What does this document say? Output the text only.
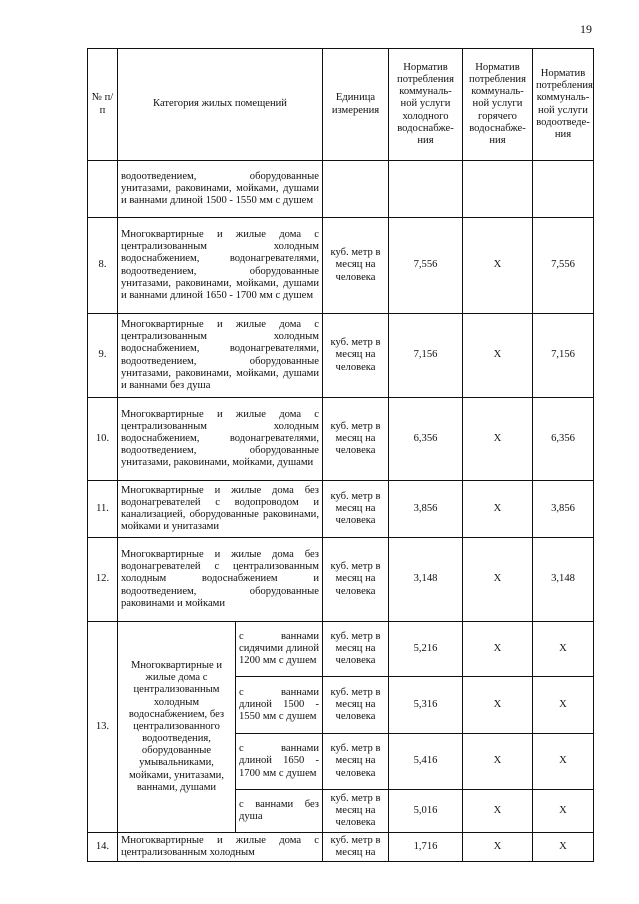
19
№ п/п	Категория жилых помещений		Единица измерения	Норматив потребления коммуналь-ной услуги холодного водоснабже-ния	Норматив потребления коммуналь-ной услуги горячего водоснабже-ния	Норматив потребления коммуналь-ной услуги водоотведе-ния
	водоотведением, оборудованные унитазами, раковинами, мойками, душами и ваннами длиной 1500 - 1550 мм с душем					
8.	Многоквартирные и жилые дома с централизованным холодным водоснабжением, водонагревателями, водоотведением, оборудованные унитазами, раковинами, мойками, душами и ваннами длиной 1650 - 1700 мм с душем		куб. метр в месяц на человека	7,556	X	7,556
9.	Многоквартирные и жилые дома с централизованным холодным водоснабжением, водонагревателями, водоотведением, оборудованные унитазами, раковинами, мойками, душами и ваннами без душа		куб. метр в месяц на человека	7,156	X	7,156
10.	Многоквартирные и жилые дома с централизованным холодным водоснабжением, водонагревателями, водоотведением, оборудованные унитазами, раковинами, мойками, душами		куб. метр в месяц на человека	6,356	X	6,356
11.	Многоквартирные и жилые дома без водонагревателей с водопроводом и канализацией, оборудованные раковинами, мойками и унитазами		куб. метр в месяц на человека	3,856	X	3,856
12.	Многоквартирные и жилые дома без водонагревателей с централизованным холодным водоснабжением и водоотведением, оборудованные раковинами и мойками		куб. метр в месяц на человека	3,148	X	3,148
13.	Многоквартирные и жилые дома с централизованным холодным водоснабжением, без централизованного водоотведения, оборудованные умывальниками, мойками, унитазами, ваннами, душами	с ваннами сидячими длиной 1200 мм с душем	куб. метр в месяц на человека	5,216	X	X
		с ваннами длиной 1500 - 1550 мм с душем	куб. метр в месяц на человека	5,316	X	X
		с ваннами длиной 1650 - 1700 мм с душем	куб. метр в месяц на человека	5,416	X	X
		с ваннами без душа	куб. метр в месяц на человека	5,016	X	X
14.	Многоквартирные и жилые дома с централизованным холодным		куб. метр в месяц на	1,716	X	X
